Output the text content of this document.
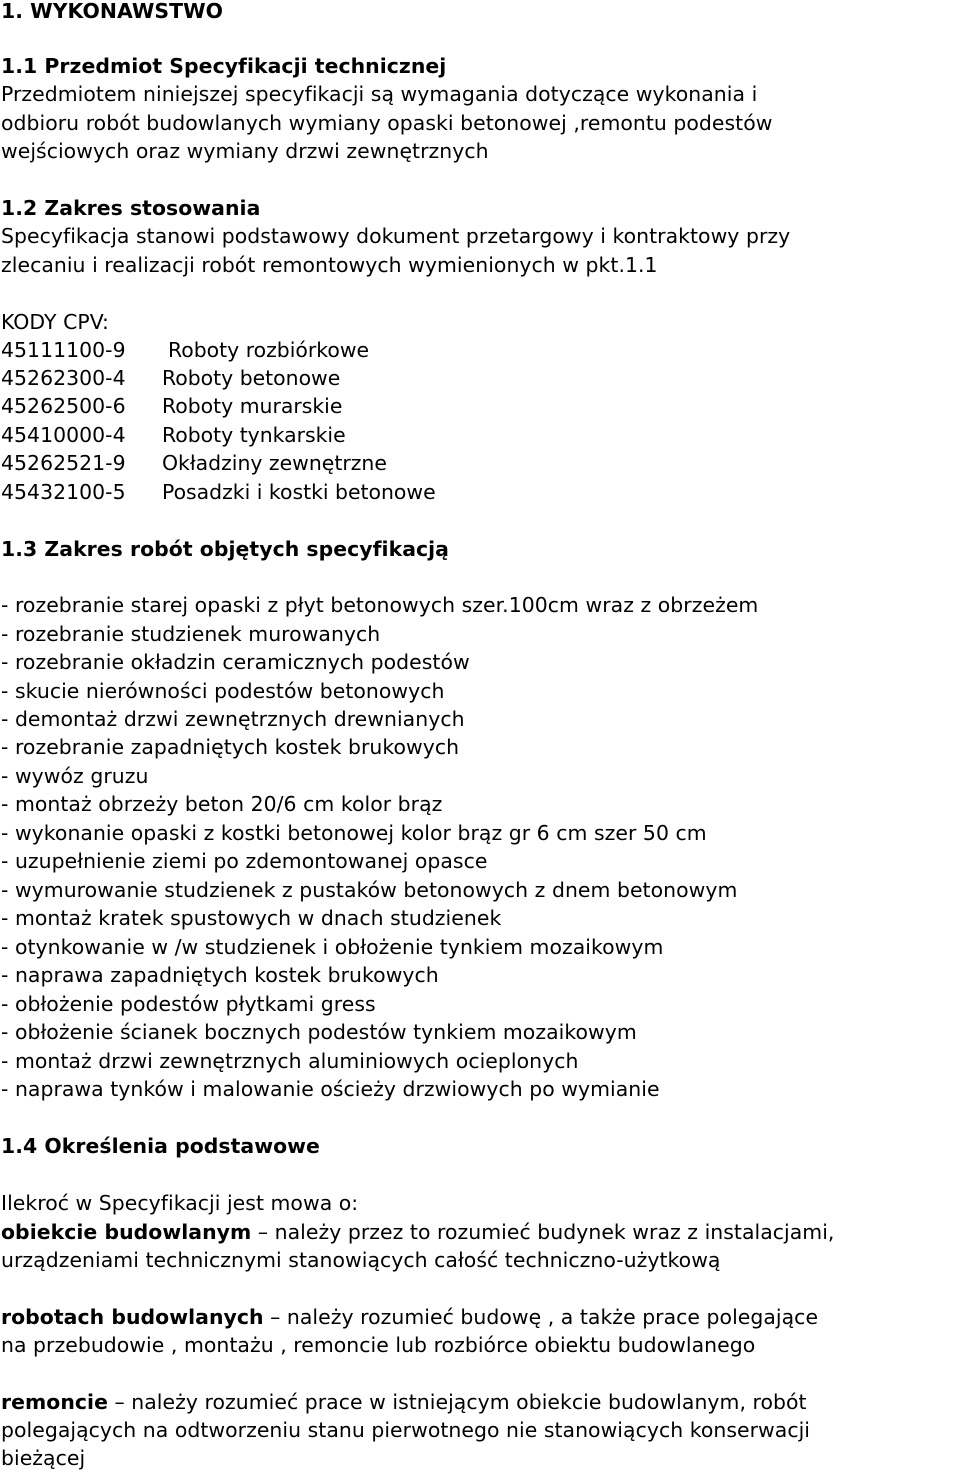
1. WYKONAWSTWO

1.1 Przedmiot Specyfikacji technicznej

Przedmiotem niniejszej specyfikacji są wymagania dotyczące wykonania i

odbioru robót budowlanych wymiany opaski betonowej ,remontu podestów

wejściowych oraz wymiany drzwi zewnętrznych

1.2 Zakres stosowania

Specyfikacja stanowi podstawowy dokument przetargowy i kontraktowy przy

zlecaniu i realizacji robót remontowych wymienionych w pkt.1.1

KODY CPV:

45111100-9 Roboty rozbiórkowe

45262300-4 Roboty betonowe

45262500-6 Roboty murarskie

45410000-4 Roboty tynkarskie

45262521-9 Okładziny zewnętrzne

45432100-5 Posadzki i kostki betonowe

1.3 Zakres robót objętych specyfikacją

- rozebranie starej opaski z płyt betonowych szer.100cm wraz z obrzeżem

- rozebranie studzienek murowanych

- rozebranie okładzin ceramicznych podestów

- skucie nierówności podestów betonowych

- demontaż drzwi zewnętrznych drewnianych

- rozebranie zapadniętych kostek brukowych

- wywóz gruzu

- montaż obrzeży beton 20/6 cm kolor brąz

- wykonanie opaski z kostki betonowej kolor brąz gr 6 cm szer 50 cm

- uzupełnienie ziemi po zdemontowanej opasce

- wymurowanie studzienek z pustaków betonowych z dnem betonowym

- montaż kratek spustowych w dnach studzienek

- otynkowanie w /w studzienek i obłożenie tynkiem mozaikowym

- naprawa zapadniętych kostek brukowych

- obłożenie podestów płytkami gress

- obłożenie ścianek bocznych podestów tynkiem mozaikowym

- montaż drzwi zewnętrznych aluminiowych ocieplonych

- naprawa tynków i malowanie ościeży drzwiowych po wymianie

1.4 Określenia podstawowe

Ilekroć w Specyfikacji jest mowa o:

obiekcie budowlanym – należy przez to rozumieć budynek wraz z instalacjami,

urządzeniami technicznymi stanowiących całość techniczno-użytkową

robotach budowlanych – należy rozumieć budowę , a także prace polegające

na przebudowie , montażu , remoncie lub rozbiórce obiektu budowlanego

remoncie – należy rozumieć prace w istniejącym obiekcie budowlanym, robót

polegających na odtworzeniu stanu pierwotnego nie stanowiących konserwacji

bieżącej
